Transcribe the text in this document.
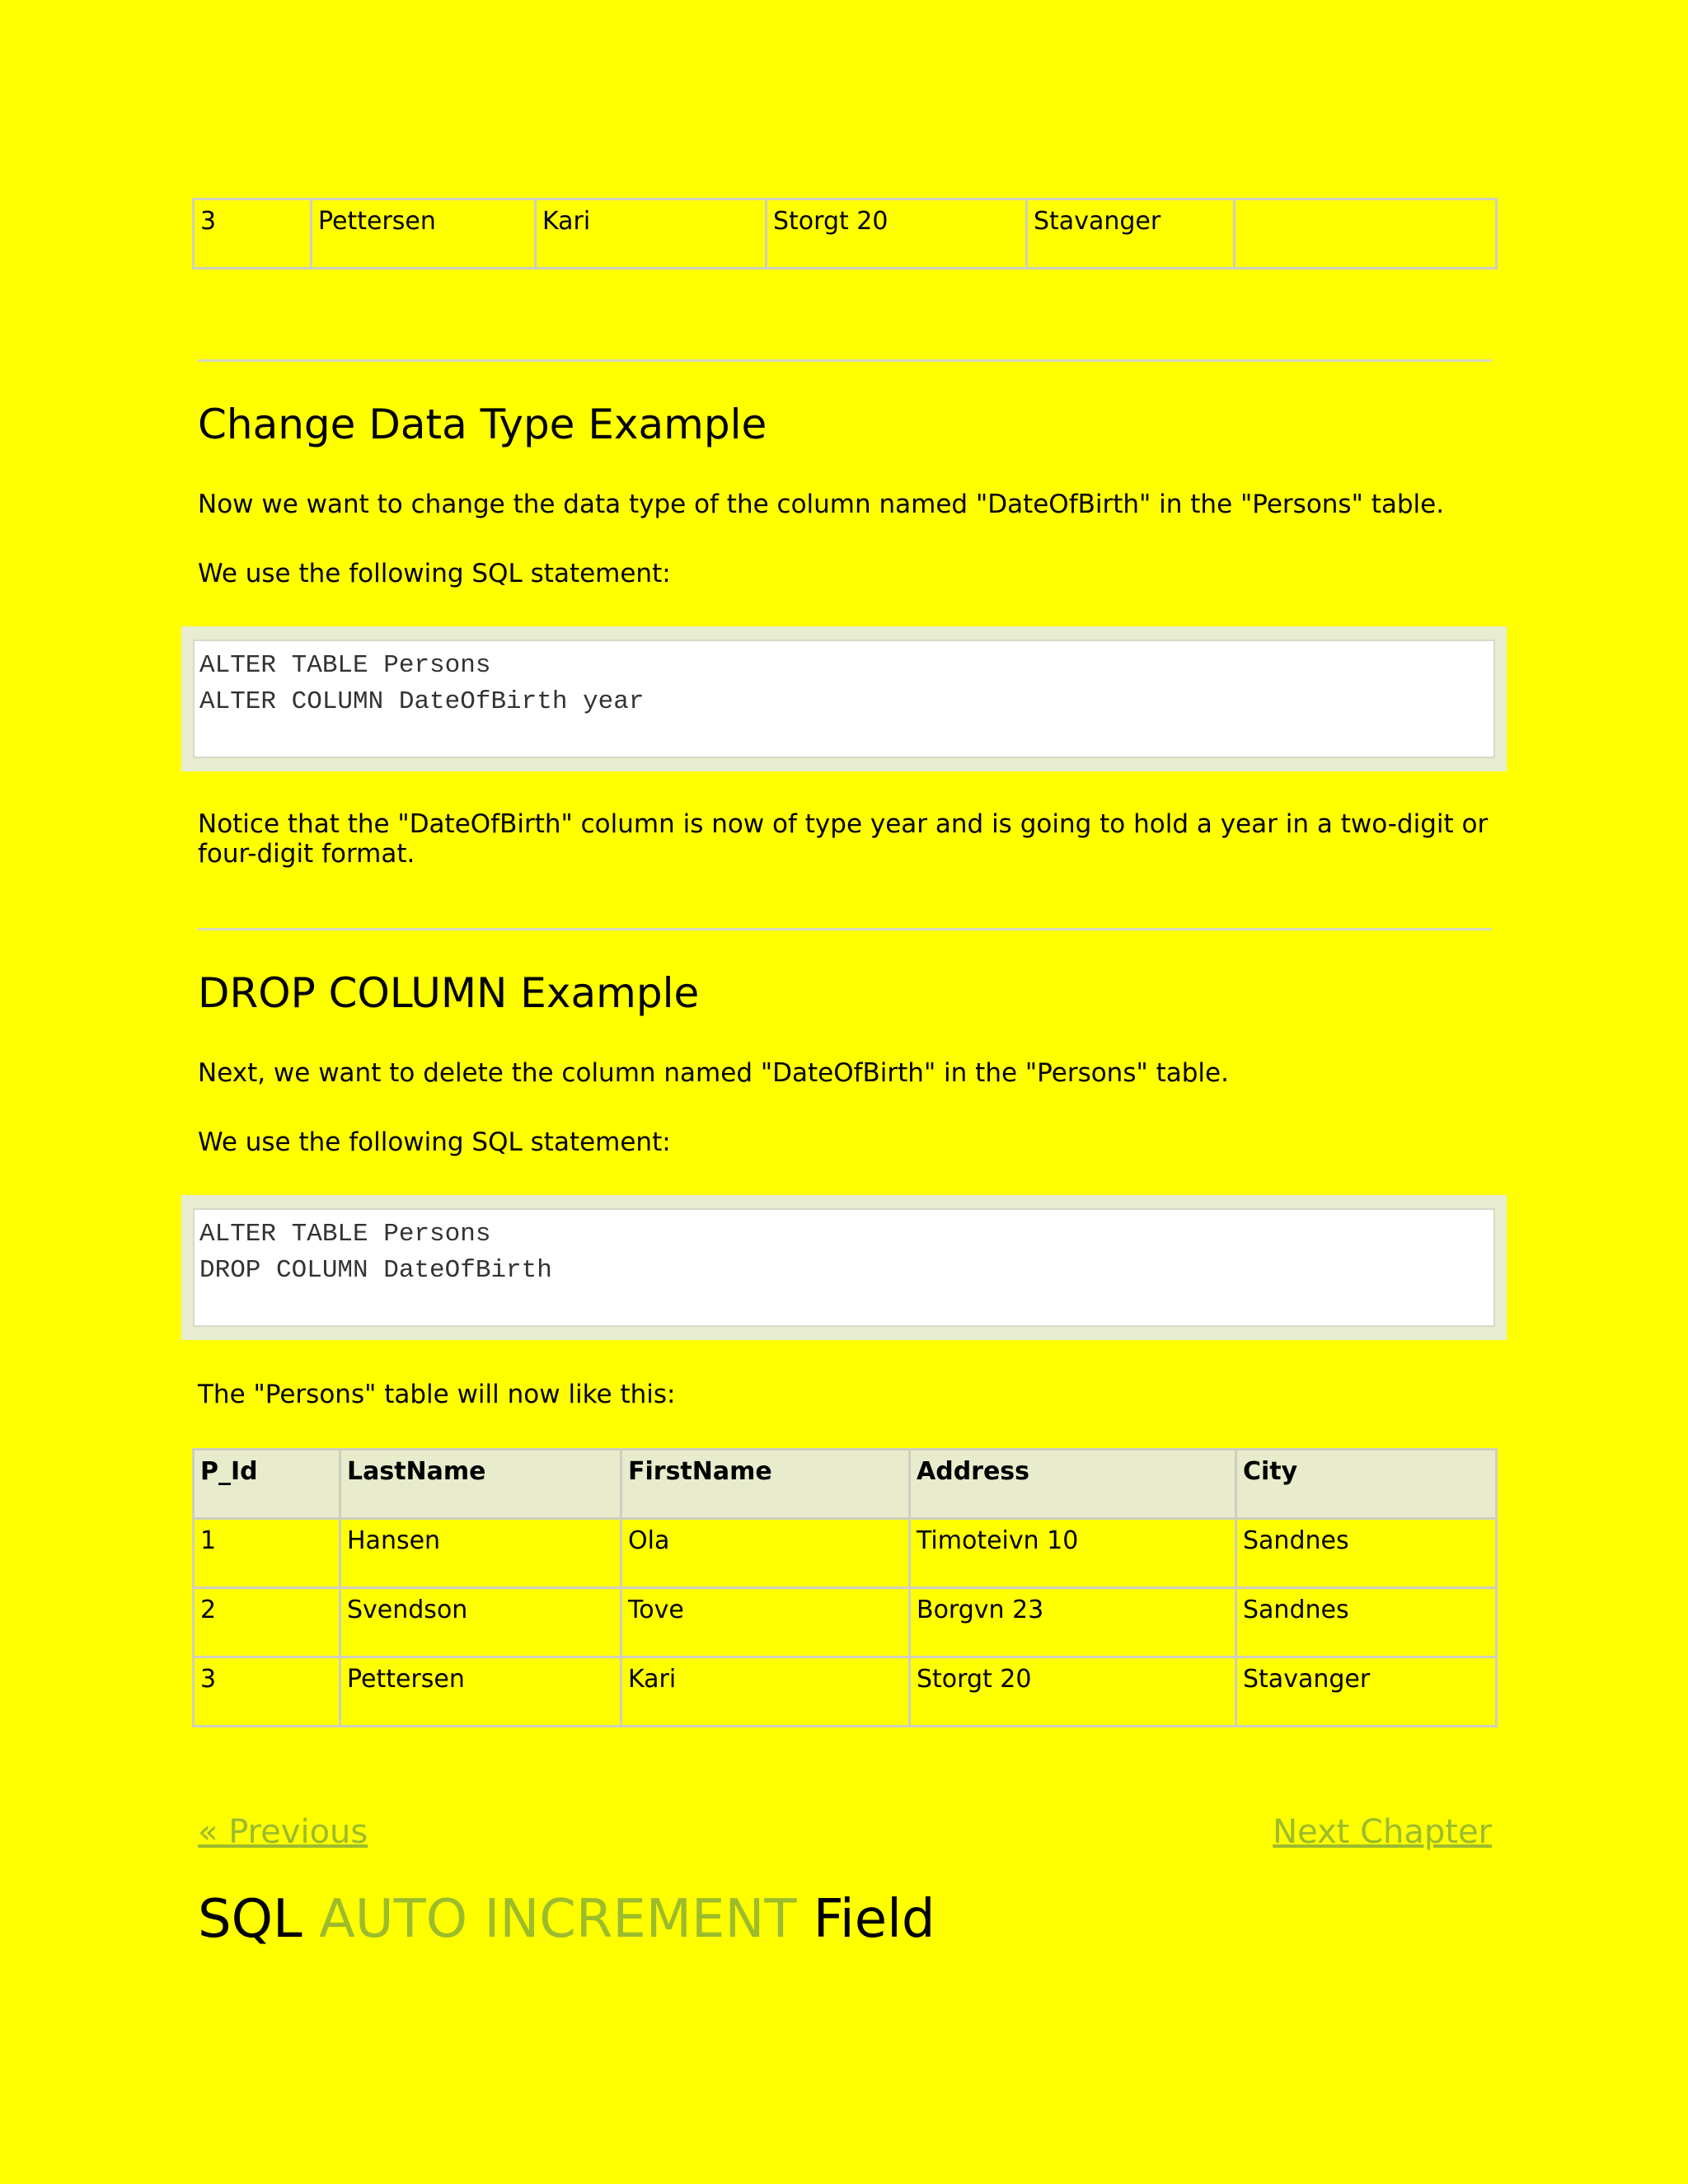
3	Pettersen	Kari	Storgt 20	Stavanger	
Change Data Type Example

Now we want to change the data type of the column named "DateOfBirth" in the "Persons" table.

We use the following SQL statement:

ALTER TABLE Persons
ALTER COLUMN DateOfBirth year

Notice that the "DateOfBirth" column is now of type year and is going to hold a year in a two-digit or four-digit format.

DROP COLUMN Example

Next, we want to delete the column named "DateOfBirth" in the "Persons" table.

We use the following SQL statement:

ALTER TABLE Persons
DROP COLUMN DateOfBirth

The "Persons" table will now like this:

P_Id	LastName	FirstName	Address	City
1	Hansen	Ola	Timoteivn 10	Sandnes
2	Svendson	Tove	Borgvn 23	Sandnes
3	Pettersen	Kari	Storgt 20	Stavanger
« Previous	Next Chapter
SQL AUTO INCREMENT Field
